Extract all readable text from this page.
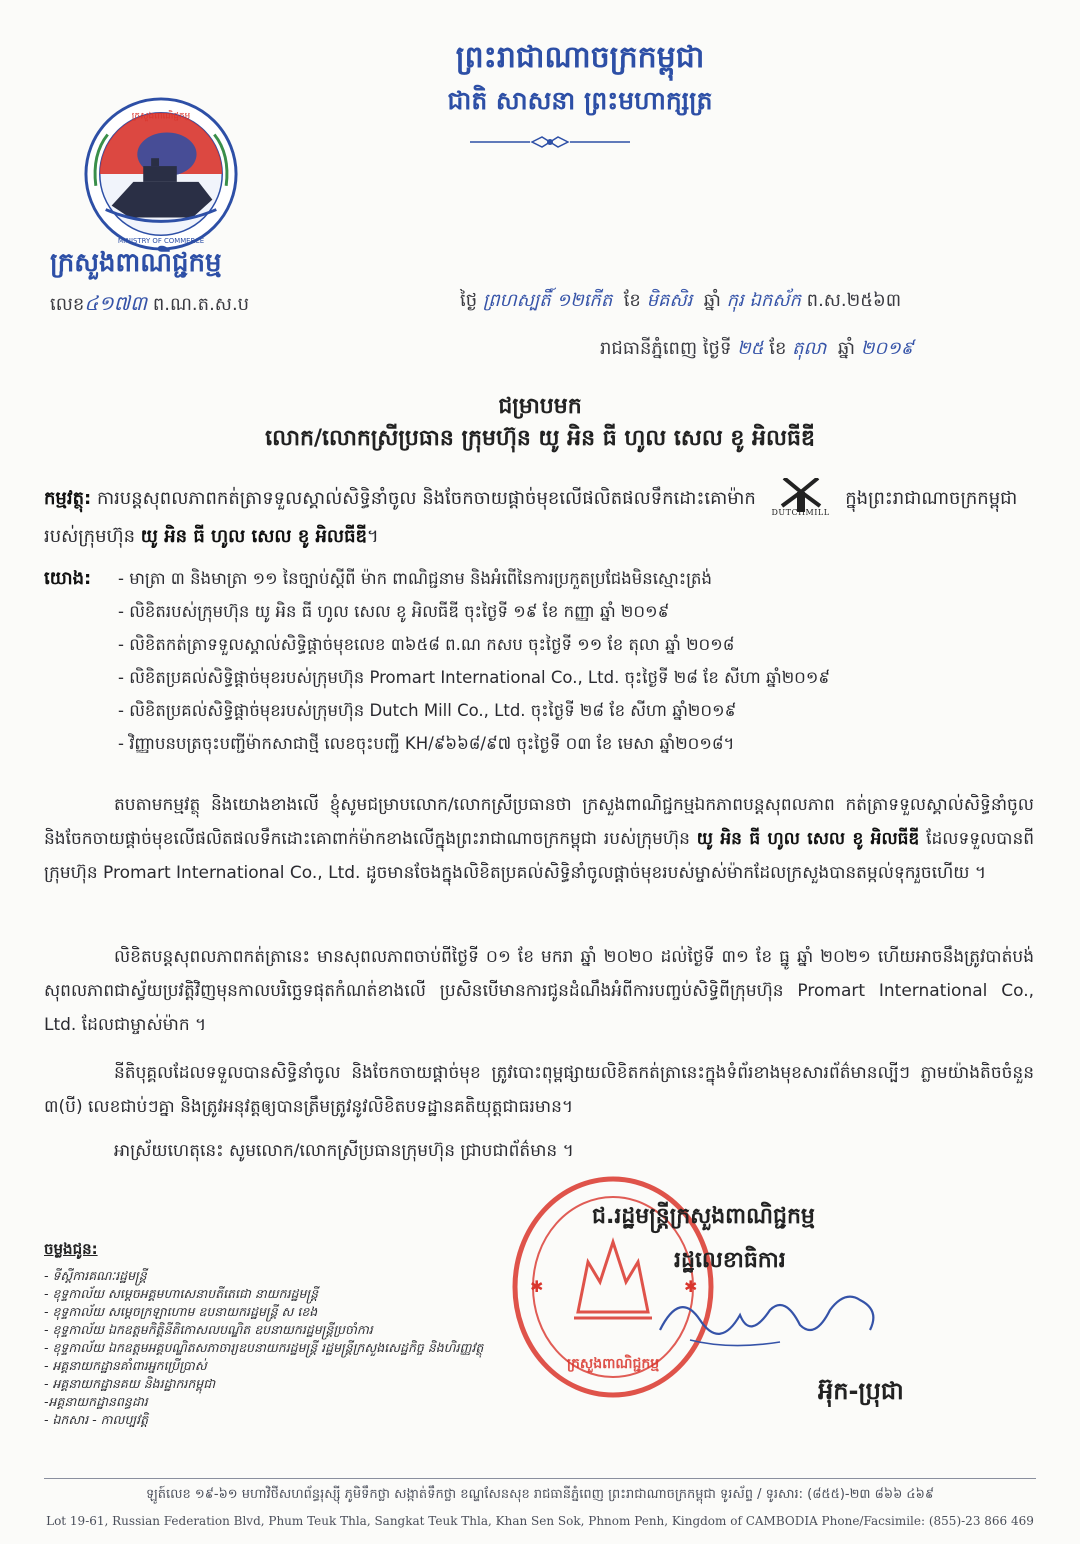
ព្រះរាជាណាចក្រកម្ពុជា
ជាតិ សាសនា ព្រះមហាក្សត្រ
ក្រសួងពាណិជ្ជកម្ម
MINISTRY OF COMMERCE
ក្រសួងពាណិជ្ជកម្ម
លេខ៤១៧៣ ព.ណ.ត.ស.ប	ថ្ងៃ ព្រហស្បតិ៍ ១២កើត ខែ មិគសិរ ឆ្នាំ កុរ ឯកស័ក ព.ស.២៥៦៣
រាជធានីភ្នំពេញ ថ្ងៃទី ២៥ ខែ តុលា ឆ្នាំ ២០១៩
ជម្រាបមក
លោក/លោកស្រីប្រធាន ក្រុមហ៊ុន យូ អិន ធី ហូល សេល ខូ អិលធីឌី
កម្មវត្ថុ: ការបន្តសុពលភាពកត់ត្រាទទួលស្គាល់សិទ្ធិនាំចូល និងចែកចាយផ្តាច់មុខលើផលិតផលទឹកដោះគោម៉ាក
DUTCHMILL
ក្នុងព្រះរាជាណាចក្រកម្ពុជា របស់ក្រុមហ៊ុន យូ អិន ធី ហូល សេល ខូ អិលធីឌី។
យោង: - មាត្រា ៣ និងមាត្រា ១១ នៃច្បាប់ស្តីពី ម៉ាក ពាណិជ្ជនាម និងអំពើនៃការប្រកួតប្រជែងមិនស្មោះត្រង់
- លិខិតរបស់ក្រុមហ៊ុន យូ អិន ធី ហូល សេល ខូ អិលធីឌី ចុះថ្ងៃទី ១៩ ខែ កញ្ញា ឆ្នាំ ២០១៩
- លិខិតកត់ត្រាទទួលស្គាល់សិទ្ធិផ្តាច់មុខលេខ ៣៦៥៨ ព.ណ កសប ចុះថ្ងៃទី ១១ ខែ តុលា ឆ្នាំ ២០១៨
- លិខិតប្រគល់សិទ្ធិផ្តាច់មុខរបស់ក្រុមហ៊ុន Promart International Co., Ltd. ចុះថ្ងៃទី ២៨ ខែ សីហា ឆ្នាំ២០១៩
- លិខិតប្រគល់សិទ្ធិផ្តាច់មុខរបស់ក្រុមហ៊ុន Dutch Mill Co., Ltd. ចុះថ្ងៃទី ២៨ ខែ សីហា ឆ្នាំ២០១៩
- វិញ្ញាបនបត្រចុះបញ្ជីម៉ាកសាជាថ្មី លេខចុះបញ្ជី KH/៩៦៦៨/៩៧ ចុះថ្ងៃទី ០៣ ខែ មេសា ឆ្នាំ២០១៨។
តបតាមកម្មវត្ថុ និងយោងខាងលើ ខ្ញុំសូមជម្រាបលោក/លោកស្រីប្រធានថា ក្រសួងពាណិជ្ជកម្មឯកភាពបន្តសុពលភាព កត់ត្រាទទួលស្គាល់សិទ្ធិនាំចូល និងចែកចាយផ្តាច់មុខលើផលិតផលទឹកដោះគោពាក់ម៉ាកខាងលើក្នុងព្រះរាជាណាចក្រកម្ពុជា របស់ក្រុមហ៊ុន យូ អិន ធី ហូល សេល ខូ អិលធីឌី ដែលទទួលបានពីក្រុមហ៊ុន Promart International Co., Ltd. ដូចមានចែងក្នុងលិខិតប្រគល់សិទ្ធិនាំចូលផ្តាច់មុខរបស់ម្ចាស់ម៉ាកដែលក្រសួងបានតម្កល់ទុករួចហើយ ។
លិខិតបន្តសុពលភាពកត់ត្រានេះ មានសុពលភាពចាប់ពីថ្ងៃទី ០១ ខែ មករា ឆ្នាំ ២០២០ ដល់ថ្ងៃទី ៣១ ខែ ធ្នូ ឆ្នាំ ២០២១ ហើយអាចនឹងត្រូវបាត់បង់សុពលភាពជាស្វ័យប្រវត្តិវិញមុនកាលបរិច្ឆេទផុតកំណត់ខាងលើ ប្រសិនបើមានការជូនដំណឹងអំពីការបញ្ចប់សិទ្ធិពីក្រុមហ៊ុន Promart International Co., Ltd. ដែលជាម្ចាស់ម៉ាក ។
នីតិបុគ្គលដែលទទួលបានសិទ្ធិនាំចូល និងចែកចាយផ្តាច់មុខ ត្រូវបោះពុម្ពផ្សាយលិខិតកត់ត្រានេះក្នុងទំព័រខាងមុខសារព័ត៌មានល្បីៗ ភ្លាមយ៉ាងតិចចំនួន ៣(បី) លេខជាប់ៗគ្នា និងត្រូវអនុវត្តឲ្យបានត្រឹមត្រូវនូវលិខិតបទដ្ឋានគតិយុត្តជាធរមាន។
អាស្រ័យហេតុនេះ សូមលោក/លោកស្រីប្រធានក្រុមហ៊ុន ជ្រាបជាព័ត៌មាន ។
✱	✱
ក្រសួងពាណិជ្ជកម្ម
ជ.រដ្ឋមន្ត្រីក្រសួងពាណិជ្ជកម្ម
រដ្ឋលេខាធិការ
អ៊ុក-ប្រុជា
ចម្លងជូន:
- ទីស្តីការគណៈរដ្ឋមន្ត្រី
- ខុទ្ទកាល័យ សម្តេចអគ្គមហាសេនាបតីតេជោ នាយករដ្ឋមន្ត្រី
- ខុទ្ទកាល័យ សម្តេចក្រឡាហោម ឧបនាយករដ្ឋមន្ត្រី ស ខេង
- ខុទ្ទកាល័យ ឯកឧត្តមកិត្តិនីតិកោសលបណ្ឌិត ឧបនាយករដ្ឋមន្ត្រីប្រចាំការ
- ខុទ្ទកាល័យ ឯកឧត្តមអគ្គបណ្ឌិតសភាចារ្យឧបនាយករដ្ឋមន្ត្រី រដ្ឋមន្ត្រីក្រសួងសេដ្ឋកិច្ច និងហិរញ្ញវត្ថុ
- អគ្គនាយកដ្ឋានគាំពារអ្នកប្រើប្រាស់
- អគ្គនាយកដ្ឋានគយ និងរដ្ឋាករកម្ពុជា
-អគ្គនាយកដ្ឋានពន្ធដារ
- ឯកសារ - កាលប្បវត្តិ
ឡូត៍លេខ ១៩-៦១ មហាវិថីសហព័ន្ធរុស្ស៊ី ភូមិទឹកថ្លា សង្កាត់ទឹកថ្លា ខណ្ឌសែនសុខ រាជធានីភ្នំពេញ ព្រះរាជាណាចក្រកម្ពុជា ទូរស័ព្ទ / ទូរសារ: (៨៥៥)-២៣ ៨៦៦ ៤៦៩
Lot 19-61, Russian Federation Blvd, Phum Teuk Thla, Sangkat Teuk Thla, Khan Sen Sok, Phnom Penh, Kingdom of CAMBODIA Phone/Facsimile: (855)-23 866 469
